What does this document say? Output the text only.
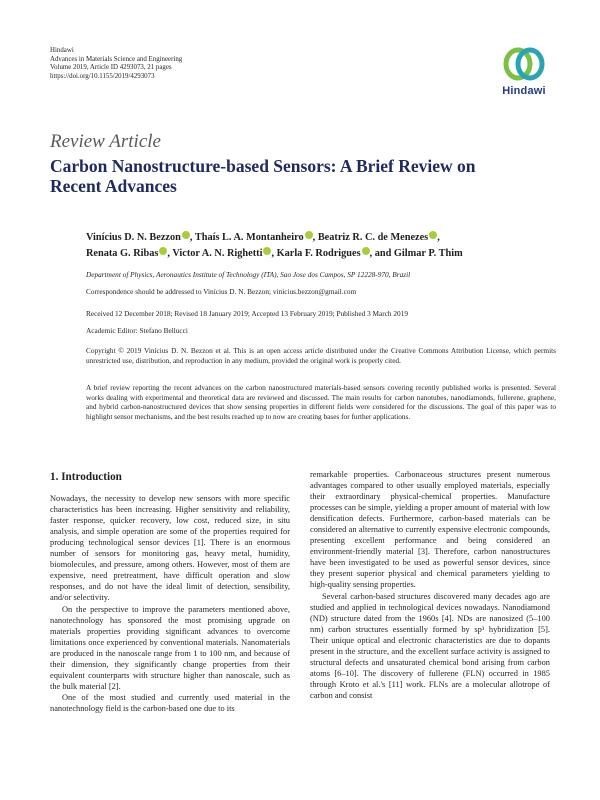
Hindawi
Advances in Materials Science and Engineering
Volume 2019, Article ID 4293073, 21 pages
https://doi.org/10.1155/2019/4293073
Hindawi
Review Article
Carbon Nanostructure-based Sensors: A Brief Review on Recent Advances
Vinícius D. N. Bezzon , Thaís L. A. Montanheiro , Beatriz R. C. de Menezes ,
Renata G. Ribas , Victor A. N. Righetti , Karla F. Rodrigues , and Gilmar P. Thim
Department of Physics, Aeronautics Institute of Technology (ITA), Sao Jose dos Campos, SP 12228-970, Brazil
Correspondence should be addressed to Vinícius D. N. Bezzon; vinicius.bezzon@gmail.com
Received 12 December 2018; Revised 18 January 2019; Accepted 13 February 2019; Published 3 March 2019
Academic Editor: Stefano Bellucci
Copyright © 2019 Vinícius D. N. Bezzon et al. This is an open access article distributed under the Creative Commons Attribution License, which permits unrestricted use, distribution, and reproduction in any medium, provided the original work is properly cited.
A brief review reporting the recent advances on the carbon nanostructured materials-based sensors covering recently published works is presented. Several works dealing with experimental and theoretical data are reviewed and discussed. The main results for carbon nanotubes, nanodiamonds, fullerene, graphene, and hybrid carbon-nanostructured devices that show sensing properties in different fields were considered for the discussions. The goal of this paper was to highlight sensor mechanisms, and the best results reached up to now are creating bases for further applications.
1. Introduction

Nowadays, the necessity to develop new sensors with more specific characteristics has been increasing. Higher sensitivity and reliability, faster response, quicker recovery, low cost, reduced size, in situ analysis, and simple operation are some of the properties required for producing technological sensor devices [1]. There is an enormous number of sensors for monitoring gas, heavy metal, humidity, biomolecules, and pressure, among others. However, most of them are expensive, need pretreatment, have difficult operation and slow responses, and do not have the ideal limit of detection, sensibility, and/or selectivity.

On the perspective to improve the parameters mentioned above, nanotechnology has sponsored the most promising upgrade on materials properties providing significant advances to overcome limitations once experienced by conventional materials. Nanomaterials are produced in the nanoscale range from 1 to 100 nm, and because of their dimension, they significantly change properties from their equivalent counterparts with structure higher than nanoscale, such as the bulk material [2].

One of the most studied and currently used material in the nanotechnology field is the carbon-based one due to its

remarkable properties. Carbonaceous structures present numerous advantages compared to other usually employed materials, especially their extraordinary physical-chemical properties. Manufacture processes can be simple, yielding a proper amount of material with low densification defects. Furthermore, carbon-based materials can be considered an alternative to currently expensive electronic compounds, presenting excellent performance and being considered an environment-friendly material [3]. Therefore, carbon nanostructures have been investigated to be used as powerful sensor devices, since they present superior physical and chemical parameters yielding to high-quality sensing properties.

Several carbon-based structures discovered many decades ago are studied and applied in technological devices nowadays. Nanodiamond (ND) structure dated from the 1960s [4]. NDs are nanosized (5–100 nm) carbon structures essentially formed by sp³ hybridization [5]. Their unique optical and electronic characteristics are due to dopants present in the structure, and the excellent surface activity is assigned to structural defects and unsaturated chemical bond arising from carbon atoms [6–10]. The discovery of fullerene (FLN) occurred in 1985 through Kroto et al.'s [11] work. FLNs are a molecular allotrope of carbon and consist
